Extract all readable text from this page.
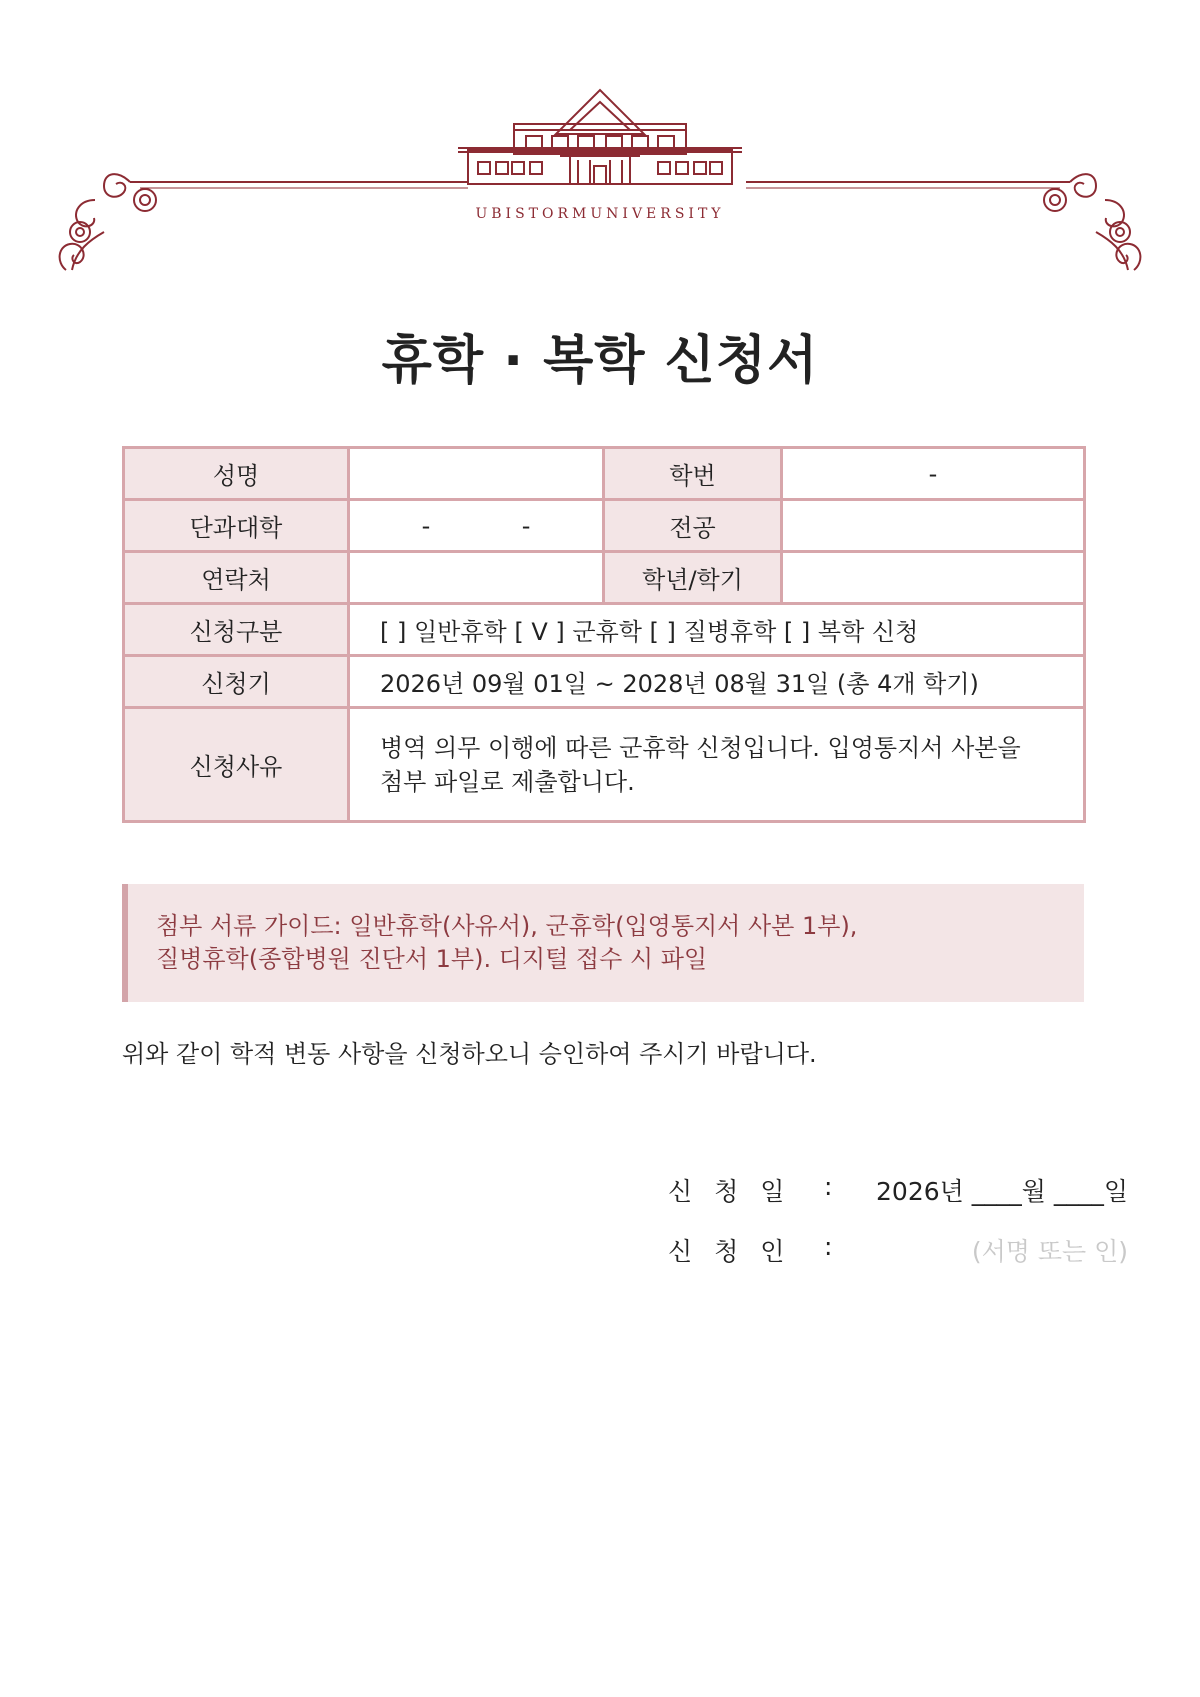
UBISTORMUNIVERSITY
휴학 · 복학 신청서
성명		학번	-
단과대학	-            -	전공	
연락처		학년/학기	
신청구분	[ ] 일반휴학 [ V ] 군휴학 [ ] 질병휴학 [ ] 복학 신청		
신청기	2026년 09월 01일 ~ 2028년 08월 31일 (총 4개 학기)		
신청사유	병역 의무 이행에 따른 군휴학 신청입니다. 입영통지서 사본을
첨부 파일로 제출합니다.		
첨부 서류 가이드: 일반휴학(사유서), 군휴학(입영통지서 사본 1부),
질병휴학(종합병원 진단서 1부). 디지털 접수 시 파일
위와 같이 학적 변동 사항을 신청하오니 승인하여 주시기 바랍니다.
신청일 : 2026년 ____월 ____일
신청인 :	(서명 또는 인)
